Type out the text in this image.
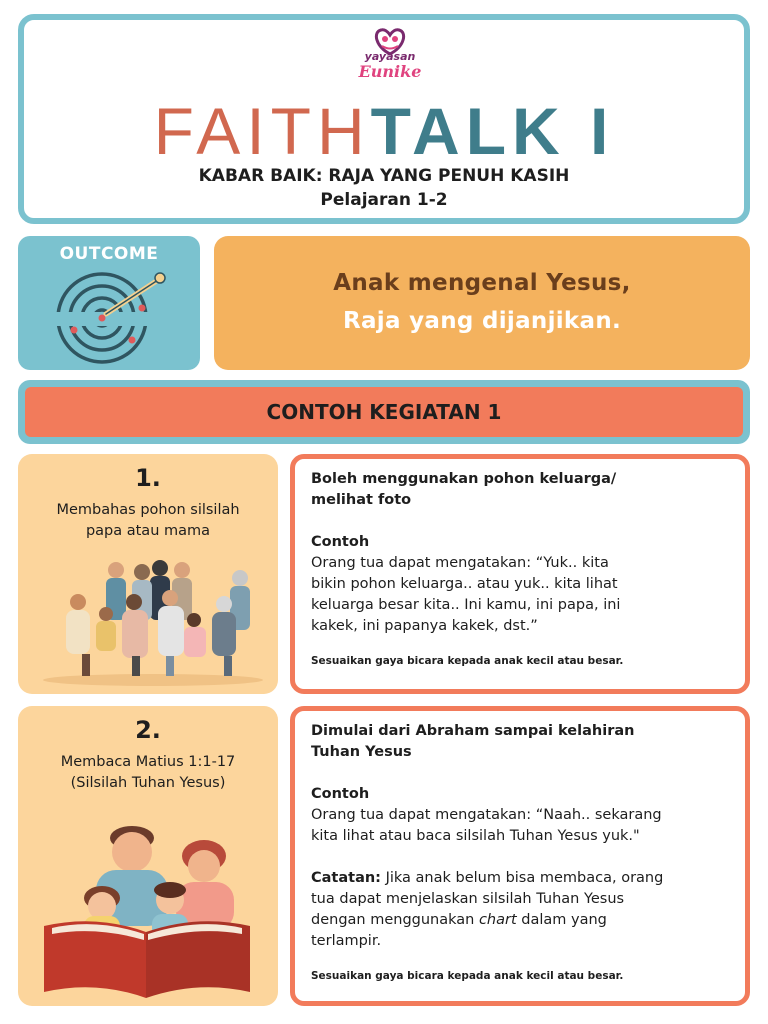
yayasan
Eunike
FAITHTALK I
KABAR BAIK: RAJA YANG PENUH KASIH
Pelajaran 1-2
OUTCOME
Anak mengenal Yesus,
Raja yang dijanjikan.
CONTOH KEGIATAN 1
1.
Membahas pohon silsilah
papa atau mama
Boleh menggunakan pohon keluarga/
melihat foto
Contoh
Orang tua dapat mengatakan: “Yuk.. kita
bikin pohon keluarga.. atau yuk.. kita lihat
keluarga besar kita.. Ini kamu, ini papa, ini
kakek, ini papanya kakek, dst.”
Sesuaikan gaya bicara kepada anak kecil atau besar.
2.
Membaca Matius 1:1-17
(Silsilah Tuhan Yesus)
Dimulai dari Abraham sampai kelahiran
Tuhan Yesus
Contoh
Orang tua dapat mengatakan: “Naah.. sekarang
kita lihat atau baca silsilah Tuhan Yesus yuk."
Catatan: Jika anak belum bisa membaca, orang
tua dapat menjelaskan silsilah Tuhan Yesus
dengan menggunakan chart dalam yang
terlampir.
Sesuaikan gaya bicara kepada anak kecil atau besar.
